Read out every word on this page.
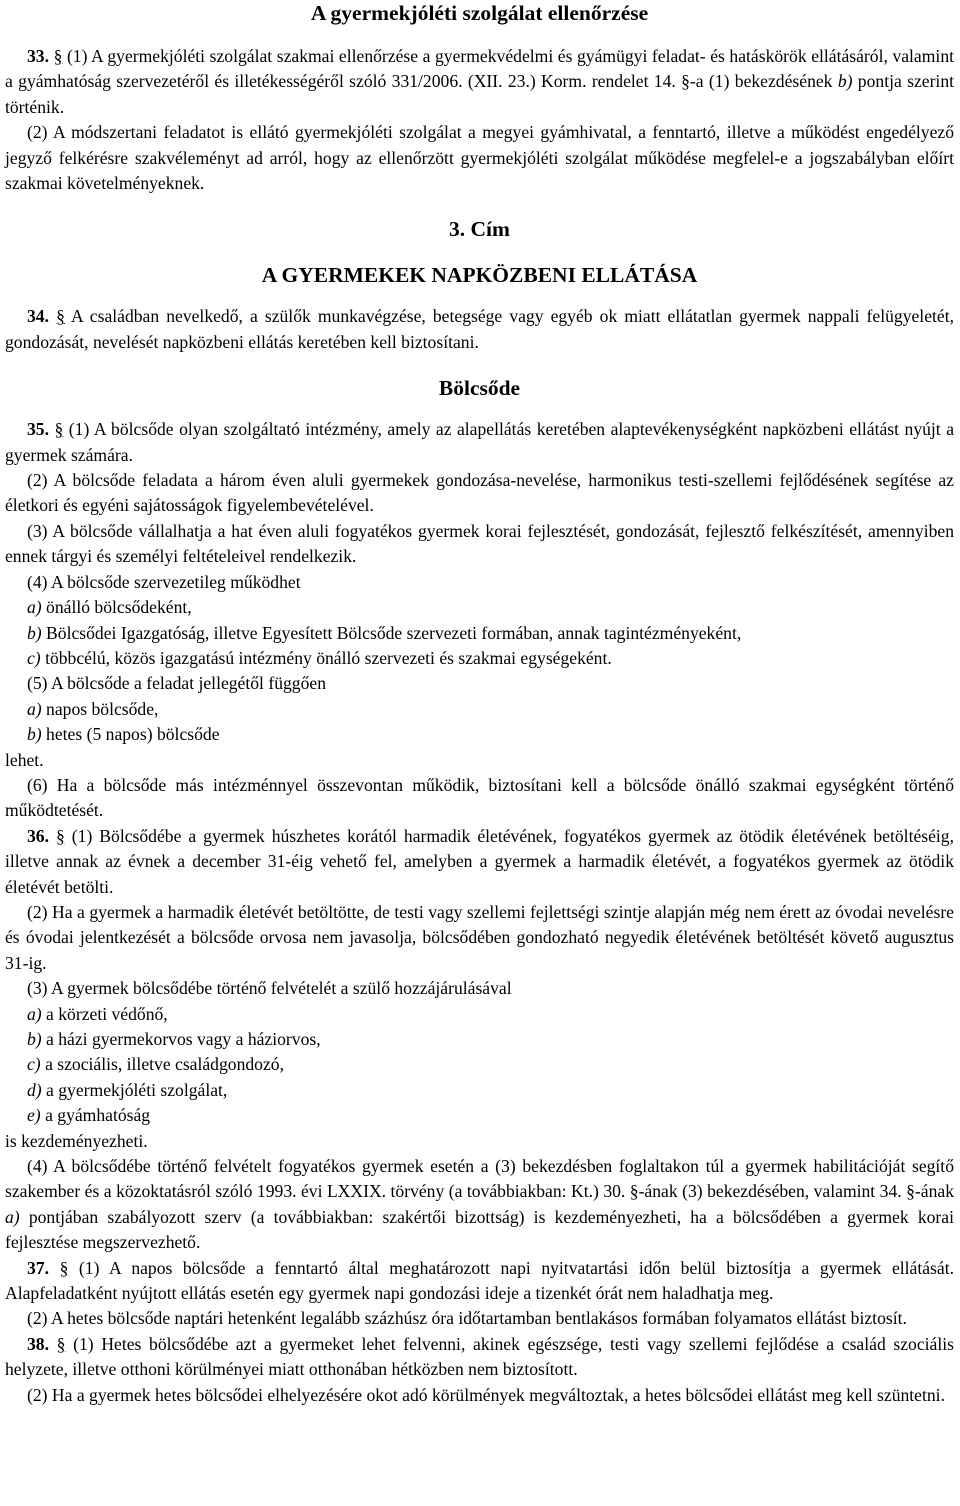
A gyermekjóléti szolgálat ellenőrzése

33. § (1) A gyermekjóléti szolgálat szakmai ellenőrzése a gyermekvédelmi és gyámügyi feladat- és hatáskörök ellátásáról, valamint a gyámhatóság szervezetéről és illetékességéről szóló 331/2006. (XII. 23.) Korm. rendelet 14. §-a (1) bekezdésének b) pontja szerint történik.

(2) A módszertani feladatot is ellátó gyermekjóléti szolgálat a megyei gyámhivatal, a fenntartó, illetve a működést engedélyező jegyző felkérésre szakvéleményt ad arról, hogy az ellenőrzött gyermekjóléti szolgálat működése megfelel-e a jogszabályban előírt szakmai követelményeknek.

3. Cím
A GYERMEKEK NAPKÖZBENI ELLÁTÁSA

34. § A családban nevelkedő, a szülők munkavégzése, betegsége vagy egyéb ok miatt ellátatlan gyermek nappali felügyeletét, gondozását, nevelését napközbeni ellátás keretében kell biztosítani.

Bölcsőde

35. § (1) A bölcsőde olyan szolgáltató intézmény, amely az alapellátás keretében alaptevékenységként napközbeni ellátást nyújt a gyermek számára.

(2) A bölcsőde feladata a három éven aluli gyermekek gondozása-nevelése, harmonikus testi-szellemi fejlődésének segítése az életkori és egyéni sajátosságok figyelembevételével.

(3) A bölcsőde vállalhatja a hat éven aluli fogyatékos gyermek korai fejlesztését, gondozását, fejlesztő felkészítését, amennyiben ennek tárgyi és személyi feltételeivel rendelkezik.

(4) A bölcsőde szervezetileg működhet

a) önálló bölcsődeként,

b) Bölcsődei Igazgatóság, illetve Egyesített Bölcsőde szervezeti formában, annak tagintézményeként,

c) többcélú, közös igazgatású intézmény önálló szervezeti és szakmai egységeként.

(5) A bölcsőde a feladat jellegétől függően

a) napos bölcsőde,

b) hetes (5 napos) bölcsőde

lehet.

(6) Ha a bölcsőde más intézménnyel összevontan működik, biztosítani kell a bölcsőde önálló szakmai egységként történő működtetését.

36. § (1) Bölcsődébe a gyermek húszhetes korától harmadik életévének, fogyatékos gyermek az ötödik életévének betöltéséig, illetve annak az évnek a december 31-éig vehető fel, amelyben a gyermek a harmadik életévét, a fogyatékos gyermek az ötödik életévét betölti.

(2) Ha a gyermek a harmadik életévét betöltötte, de testi vagy szellemi fejlettségi szintje alapján még nem érett az óvodai nevelésre és óvodai jelentkezését a bölcsőde orvosa nem javasolja, bölcsődében gondozható negyedik életévének betöltését követő augusztus 31-ig.

(3) A gyermek bölcsődébe történő felvételét a szülő hozzájárulásával

a) a körzeti védőnő,

b) a házi gyermekorvos vagy a háziorvos,

c) a szociális, illetve családgondozó,

d) a gyermekjóléti szolgálat,

e) a gyámhatóság

is kezdeményezheti.

(4) A bölcsődébe történő felvételt fogyatékos gyermek esetén a (3) bekezdésben foglaltakon túl a gyermek habilitációját segítő szakember és a közoktatásról szóló 1993. évi LXXIX. törvény (a továbbiakban: Kt.) 30. §-ának (3) bekezdésében, valamint 34. §-ának a) pontjában szabályozott szerv (a továbbiakban: szakértői bizottság) is kezdeményezheti, ha a bölcsődében a gyermek korai fejlesztése megszervezhető.

37. § (1) A napos bölcsőde a fenntartó által meghatározott napi nyitvatartási időn belül biztosítja a gyermek ellátását. Alapfeladatként nyújtott ellátás esetén egy gyermek napi gondozási ideje a tizenkét órát nem haladhatja meg.

(2) A hetes bölcsőde naptári hetenként legalább százhúsz óra időtartamban bentlakásos formában folyamatos ellátást biztosít.

38. § (1) Hetes bölcsődébe azt a gyermeket lehet felvenni, akinek egészsége, testi vagy szellemi fejlődése a család szociális helyzete, illetve otthoni körülményei miatt otthonában hétközben nem biztosított.

(2) Ha a gyermek hetes bölcsődei elhelyezésére okot adó körülmények megváltoztak, a hetes bölcsődei ellátást meg kell szüntetni.
